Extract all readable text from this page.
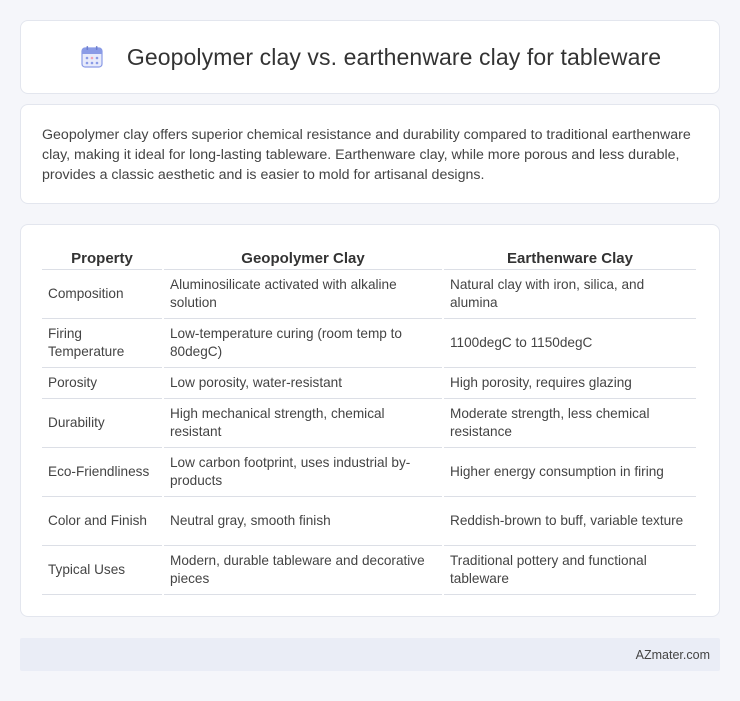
Geopolymer clay vs. earthenware clay for tableware

Geopolymer clay offers superior chemical resistance and durability compared to traditional earthenware clay, making it ideal for long-lasting tableware. Earthenware clay, while more porous and less durable, provides a classic aesthetic and is easier to mold for artisanal designs.

Property	Geopolymer Clay	Earthenware Clay
Composition	Aluminosilicate activated with alkaline solution	Natural clay with iron, silica, and alumina
Firing Temperature	Low-temperature curing (room temp to 80degC)	1100degC to 1150degC
Porosity	Low porosity, water-resistant	High porosity, requires glazing
Durability	High mechanical strength, chemical resistant	Moderate strength, less chemical resistance
Eco-Friendliness	Low carbon footprint, uses industrial by-products	Higher energy consumption in firing
Color and Finish	Neutral gray, smooth finish	Reddish-brown to buff, variable texture
Typical Uses	Modern, durable tableware and decorative pieces	Traditional pottery and functional tableware
AZmater.com
